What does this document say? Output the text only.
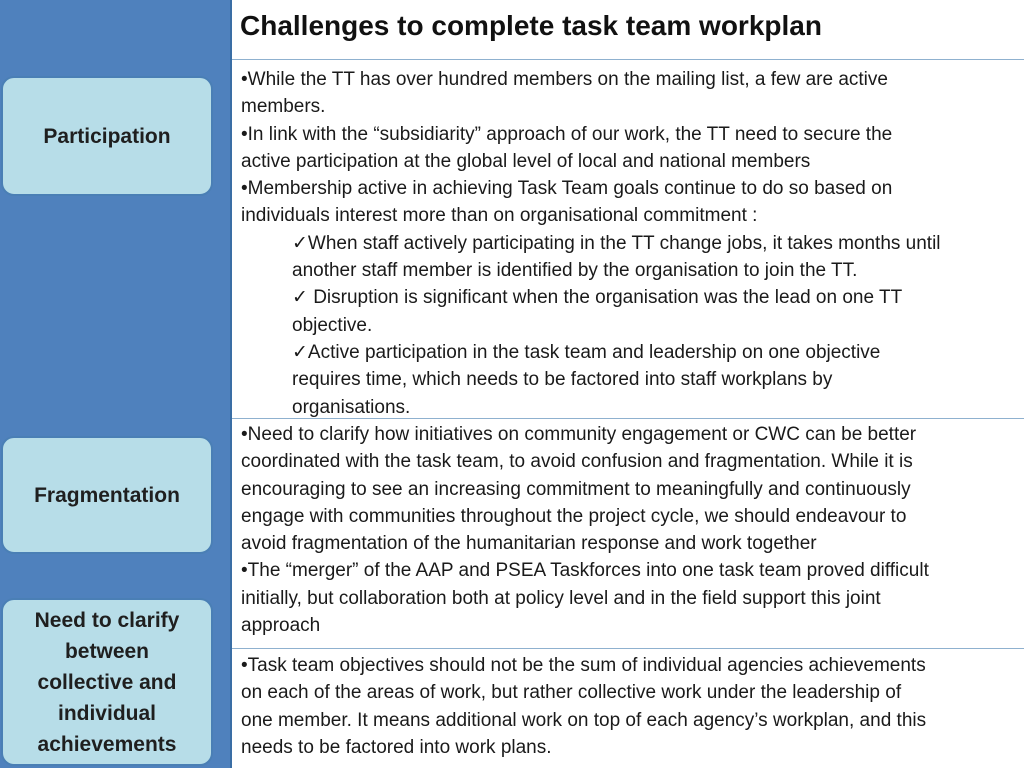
Participation
Fragmentation
Need to clarify
between
collective and
individual
achievements
Challenges to complete task team workplan
•While the TT has over hundred members on the mailing list, a few are active
members.
•In link with the “subsidiarity” approach of our work, the TT need to secure the
active participation at the global level of local and national members
•Membership active in achieving Task Team goals continue to do so based on
individuals interest more than on organisational commitment :
✓When staff actively participating in the TT change jobs, it takes months until
another staff member is identified by the organisation to join the TT.
✓ Disruption is significant when the organisation was the lead on one TT
objective.
✓Active participation in the task team and leadership on one objective
requires time, which needs to be factored into staff workplans by
organisations.
•Need to clarify how initiatives on community engagement or CWC can be better
coordinated with the task team, to avoid confusion and fragmentation. While it is
encouraging to see an increasing commitment to meaningfully and continuously
engage with communities throughout the project cycle, we should endeavour to
avoid fragmentation of the humanitarian response and work together
•The “merger” of the AAP and PSEA Taskforces into one task team proved difficult
initially, but collaboration both at policy level and in the field support this joint
approach
•Task team objectives should not be the sum of individual agencies achievements
on each of the areas of work, but rather collective work under the leadership of
one member. It means additional work on top of each agency’s workplan, and this
needs to be factored into work plans.
